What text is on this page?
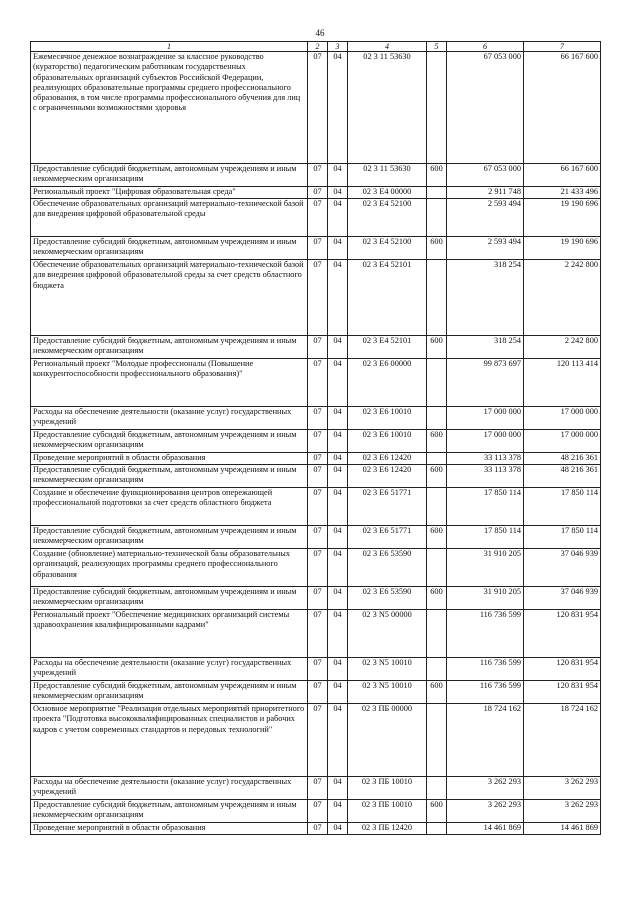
46
1	2	3	4	5	6	7
Ежемесячное денежное вознаграждение за классное руководство (кураторство) педагогическим работникам государственных образовательных организаций субъектов Российской Федерации, реализующих образовательные программы среднего профессионального образования, в том числе программы профессионального обучения для лиц с ограниченными возможностями здоровья	07	04	02 3 11 53630		67 053 000	66 167 600
Предоставление субсидий бюджетным, автономным учреждениям и иным некоммерческим организациям	07	04	02 3 11 53630	600	67 053 000	66 167 600
Региональный проект "Цифровая образовательная среда"	07	04	02 3 E4 00000		2 911 748	21 433 496
Обеспечение образовательных организаций материально-технической базой для внедрения цифровой образовательной среды	07	04	02 3 E4 52100		2 593 494	19 190 696
Предоставление субсидий бюджетным, автономным учреждениям и иным некоммерческим организациям	07	04	02 3 E4 52100	600	2 593 494	19 190 696
Обеспечение образовательных организаций материально-технической базой для внедрения цифровой образовательной среды за счет средств областного бюджета	07	04	02 3 E4 52101		318 254	2 242 800
Предоставление субсидий бюджетным, автономным учреждениям и иным некоммерческим организациям	07	04	02 3 E4 52101	600	318 254	2 242 800
Региональный проект "Молодые профессионалы (Повышение конкурентоспособности профессионального образования)"	07	04	02 3 E6 00000		99 873 697	120 113 414
Расходы на обеспечение деятельности (оказание услуг) государственных учреждений	07	04	02 3 E6 10010		17 000 000	17 000 000
Предоставление субсидий бюджетным, автономным учреждениям и иным некоммерческим организациям	07	04	02 3 E6 10010	600	17 000 000	17 000 000
Проведение мероприятий в области образования	07	04	02 3 E6 12420		33 113 378	48 216 361
Предоставление субсидий бюджетным, автономным учреждениям и иным некоммерческим организациям	07	04	02 3 E6 12420	600	33 113 378	48 216 361
Создание и обеспечение функционирования центров опережающей профессиональной подготовки за счет средств областного бюджета	07	04	02 3 E6 51771		17 850 114	17 850 114
Предоставление субсидий бюджетным, автономным учреждениям и иным некоммерческим организациям	07	04	02 3 E6 51771	600	17 850 114	17 850 114
Создание (обновление) материально-технической базы образовательных организаций, реализующих программы среднего профессионального образования	07	04	02 3 E6 53590		31 910 205	37 046 939
Предоставление субсидий бюджетным, автономным учреждениям и иным некоммерческим организациям	07	04	02 3 E6 53590	600	31 910 205	37 046 939
Региональный проект "Обеспечение медицинских организаций системы здравоохранения квалифицированными кадрами"	07	04	02 3 N5 00000		116 736 599	120 831 954
Расходы на обеспечение деятельности (оказание услуг) государственных учреждений	07	04	02 3 N5 10010		116 736 599	120 831 954
Предоставление субсидий бюджетным, автономным учреждениям и иным некоммерческим организациям	07	04	02 3 N5 10010	600	116 736 599	120 831 954
Основное мероприятие "Реализация отдельных мероприятий приоритетного проекта "Подготовка высококвалифицированных специалистов и рабочих кадров с учетом современных стандартов и передовых технологий"	07	04	02 3 ПБ 00000		18 724 162	18 724 162
Расходы на обеспечение деятельности (оказание услуг) государственных учреждений	07	04	02 3 ПБ 10010		3 262 293	3 262 293
Предоставление субсидий бюджетным, автономным учреждениям и иным некоммерческим организациям	07	04	02 3 ПБ 10010	600	3 262 293	3 262 293
Проведение мероприятий в области образования	07	04	02 3 ПБ 12420		14 461 869	14 461 869
